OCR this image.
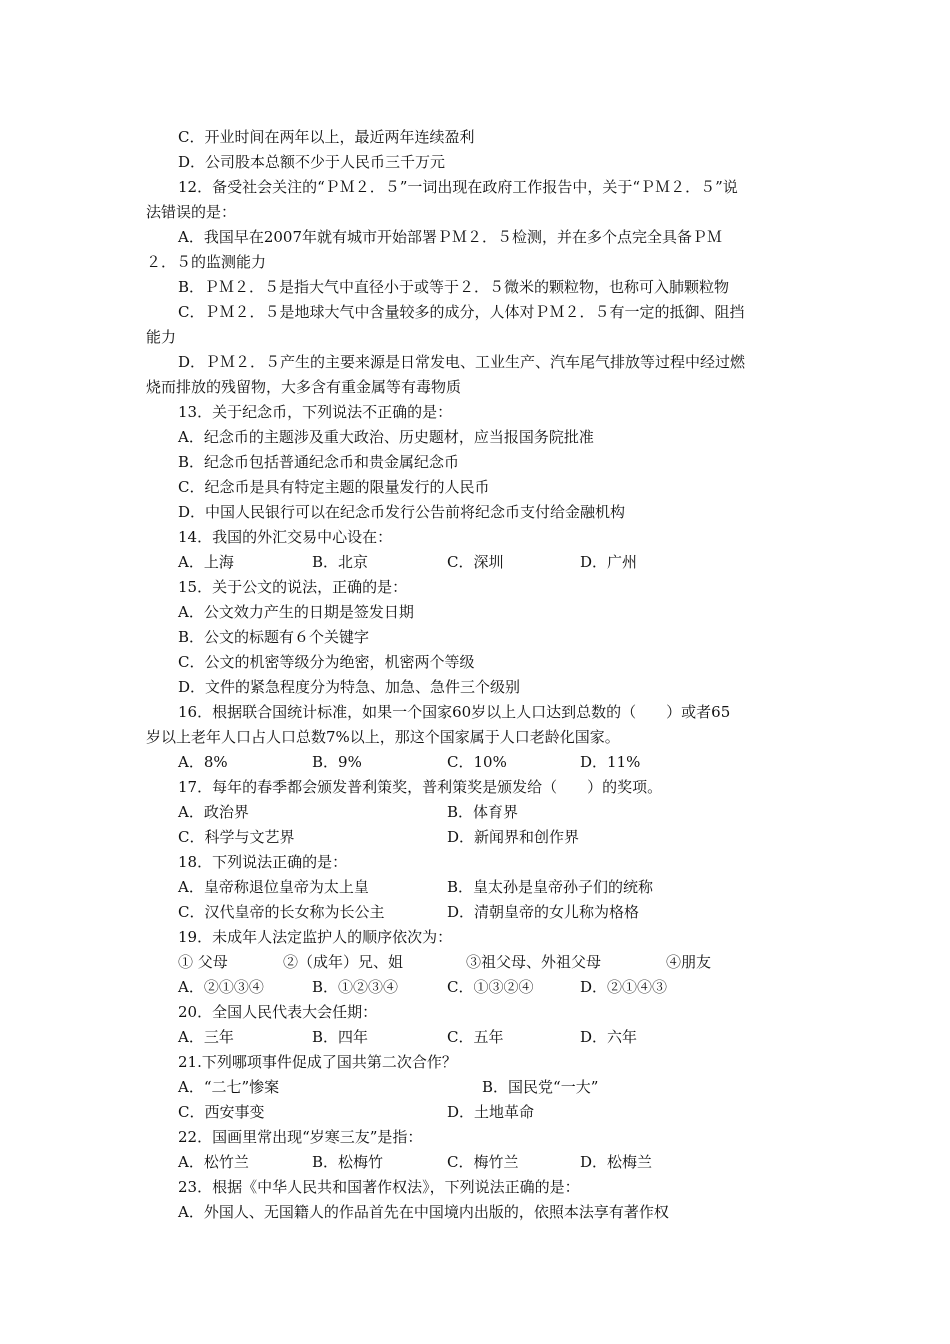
C．开业时间在两年以上，最近两年连续盈利
D．公司股本总额不少于人民币三千万元
12．备受社会关注的“ＰＭ２．５”一词出现在政府工作报告中，关于“ＰＭ２．５”说
法错误的是：
A．我国早在2007年就有城市开始部署ＰＭ２．５检测，并在多个点完全具备ＰＭ
２．５的监测能力
B．ＰＭ２．５是指大气中直径小于或等于２．５微米的颗粒物，也称可入肺颗粒物
C．ＰＭ２．５是地球大气中含量较多的成分，人体对ＰＭ２．５有一定的抵御、阻挡
能力
D．ＰＭ２．５产生的主要来源是日常发电、工业生产、汽车尾气排放等过程中经过燃
烧而排放的残留物，大多含有重金属等有毒物质
13．关于纪念币，下列说法不正确的是：
A．纪念币的主题涉及重大政治、历史题材，应当报国务院批准
B．纪念币包括普通纪念币和贵金属纪念币
C．纪念币是具有特定主题的限量发行的人民币
D．中国人民银行可以在纪念币发行公告前将纪念币支付给金融机构
14．我国的外汇交易中心设在：
A．上海	B．北京	C．深圳	D．广州
15．关于公文的说法，正确的是：
A．公文效力产生的日期是签发日期
B．公文的标题有６个关键字
C．公文的机密等级分为绝密，机密两个等级
D．文件的紧急程度分为特急、加急、急件三个级别
16．根据联合国统计标准，如果一个国家60岁以上人口达到总数的（　　）或者65
岁以上老年人口占人口总数7%以上，那这个国家属于人口老龄化国家。
A．8%	B．9%	C．10%	D．11%
17．每年的春季都会颁发普利策奖，普利策奖是颁发给（　　）的奖项。
A．政治界	B．体育界
C．科学与文艺界	D．新闻界和创作界
18．下列说法正确的是：
A．皇帝称退位皇帝为太上皇	B．皇太孙是皇帝孙子们的统称
C．汉代皇帝的长女称为长公主	D．清朝皇帝的女儿称为格格
19．未成年人法定监护人的顺序依次为：
① 父母	②（成年）兄、姐	③祖父母、外祖父母	④朋友
A．②①③④	B．①②③④	C．①③②④	D．②①④③
20．全国人民代表大会任期：
A．三年	B．四年	C．五年	D．六年
21.下列哪项事件促成了国共第二次合作？
A．“二七”惨案	B．国民党“一大”
C．西安事变	D．土地革命
22．国画里常出现“岁寒三友”是指：
A．松竹兰	B．松梅竹	C．梅竹兰	D．松梅兰
23．根据《中华人民共和国著作权法》，下列说法正确的是：
A．外国人、无国籍人的作品首先在中国境内出版的，依照本法享有著作权
